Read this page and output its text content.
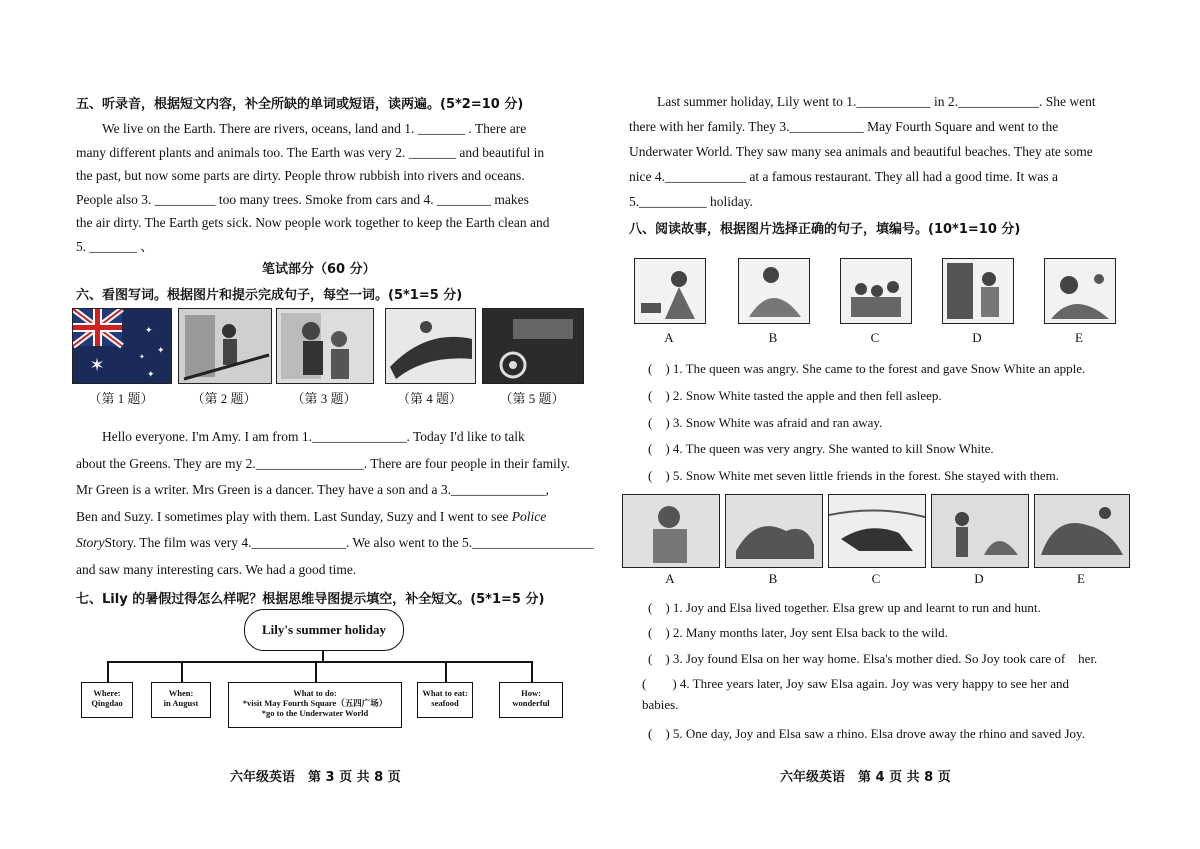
五、听录音，根据短文内容，补全所缺的单词或短语，读两遍。(5*2=10 分)
We live on the Earth. There are rivers, oceans, land and 1. _______ . There are
many different plants and animals too. The Earth was very 2. _______ and beautiful in
the past, but now some parts are dirty. People throw rubbish into rivers and oceans.
People also 3. _________ too many trees. Smoke from cars and 4. ________ makes
the air dirty. The Earth gets sick. Now people work together to keep the Earth clean and
5. _______ 、
笔试部分（60 分）
六、看图写词。根据图片和提示完成句子，每空一词。(5*1=5 分)
✶
✦
✦
✦
✦
（第 1 题）	（第 2 题）	（第 3 题）	（第 4 题）	（第 5 题）
Hello everyone. I'm Amy. I am from 1.______________. Today I'd like to talk
about the Greens. They are my 2.________________. There are four people in their family.
Mr Green is a writer. Mrs Green is a dancer. They have a son and a 3.______________,
Ben and Suzy. I sometimes play with them. Last Sunday, Suzy and I went to see Police
StoryStory. The film was very 4.______________. We also went to the 5.__________________
and saw many interesting cars. We had a good time.
七、Lily 的暑假过得怎么样呢？根据思维导图提示填空，补全短文。(5*1=5 分)
Lily's summer holiday
Where:
Qingdao
When:
in August
What to do:
*visit May Fourth Square（五四广场）
*go to the Underwater World
What to eat:
seafood
How:
wonderful
六年级英语　第 3 页 共 8 页
Last summer holiday, Lily went to 1.___________ in 2.____________. She went
there with her family. They 3.___________ May Fourth Square and went to the
Underwater World. They saw many sea animals and beautiful beaches. They ate some
nice 4.____________ at a famous restaurant. They all had a good time. It was a
5.__________ holiday.
八、阅读故事，根据图片选择正确的句子，填编号。(10*1=10 分)
A	B	C	D	E
(　) 1. The queen was angry. She came to the forest and gave Snow White an apple.
(　) 2. Snow White tasted the apple and then fell asleep.
(　) 3. Snow White was afraid and ran away.
(　) 4. The queen was very angry. She wanted to kill Snow White.
(　) 5. Snow White met seven little friends in the forest. She stayed with them.
A	B	C	D	E
(　) 1. Joy and Elsa lived together. Elsa grew up and learnt to run and hunt.
(　) 2. Many months later, Joy sent Elsa back to the wild.
(　) 3. Joy found Elsa on her way home. Elsa's mother died. So Joy took care of　her.
(　　) 4. Three years later, Joy saw Elsa again. Joy was very happy to see her and
babies.
(　) 5. One day, Joy and Elsa saw a rhino. Elsa drove away the rhino and saved Joy.
六年级英语　第 4 页 共 8 页
